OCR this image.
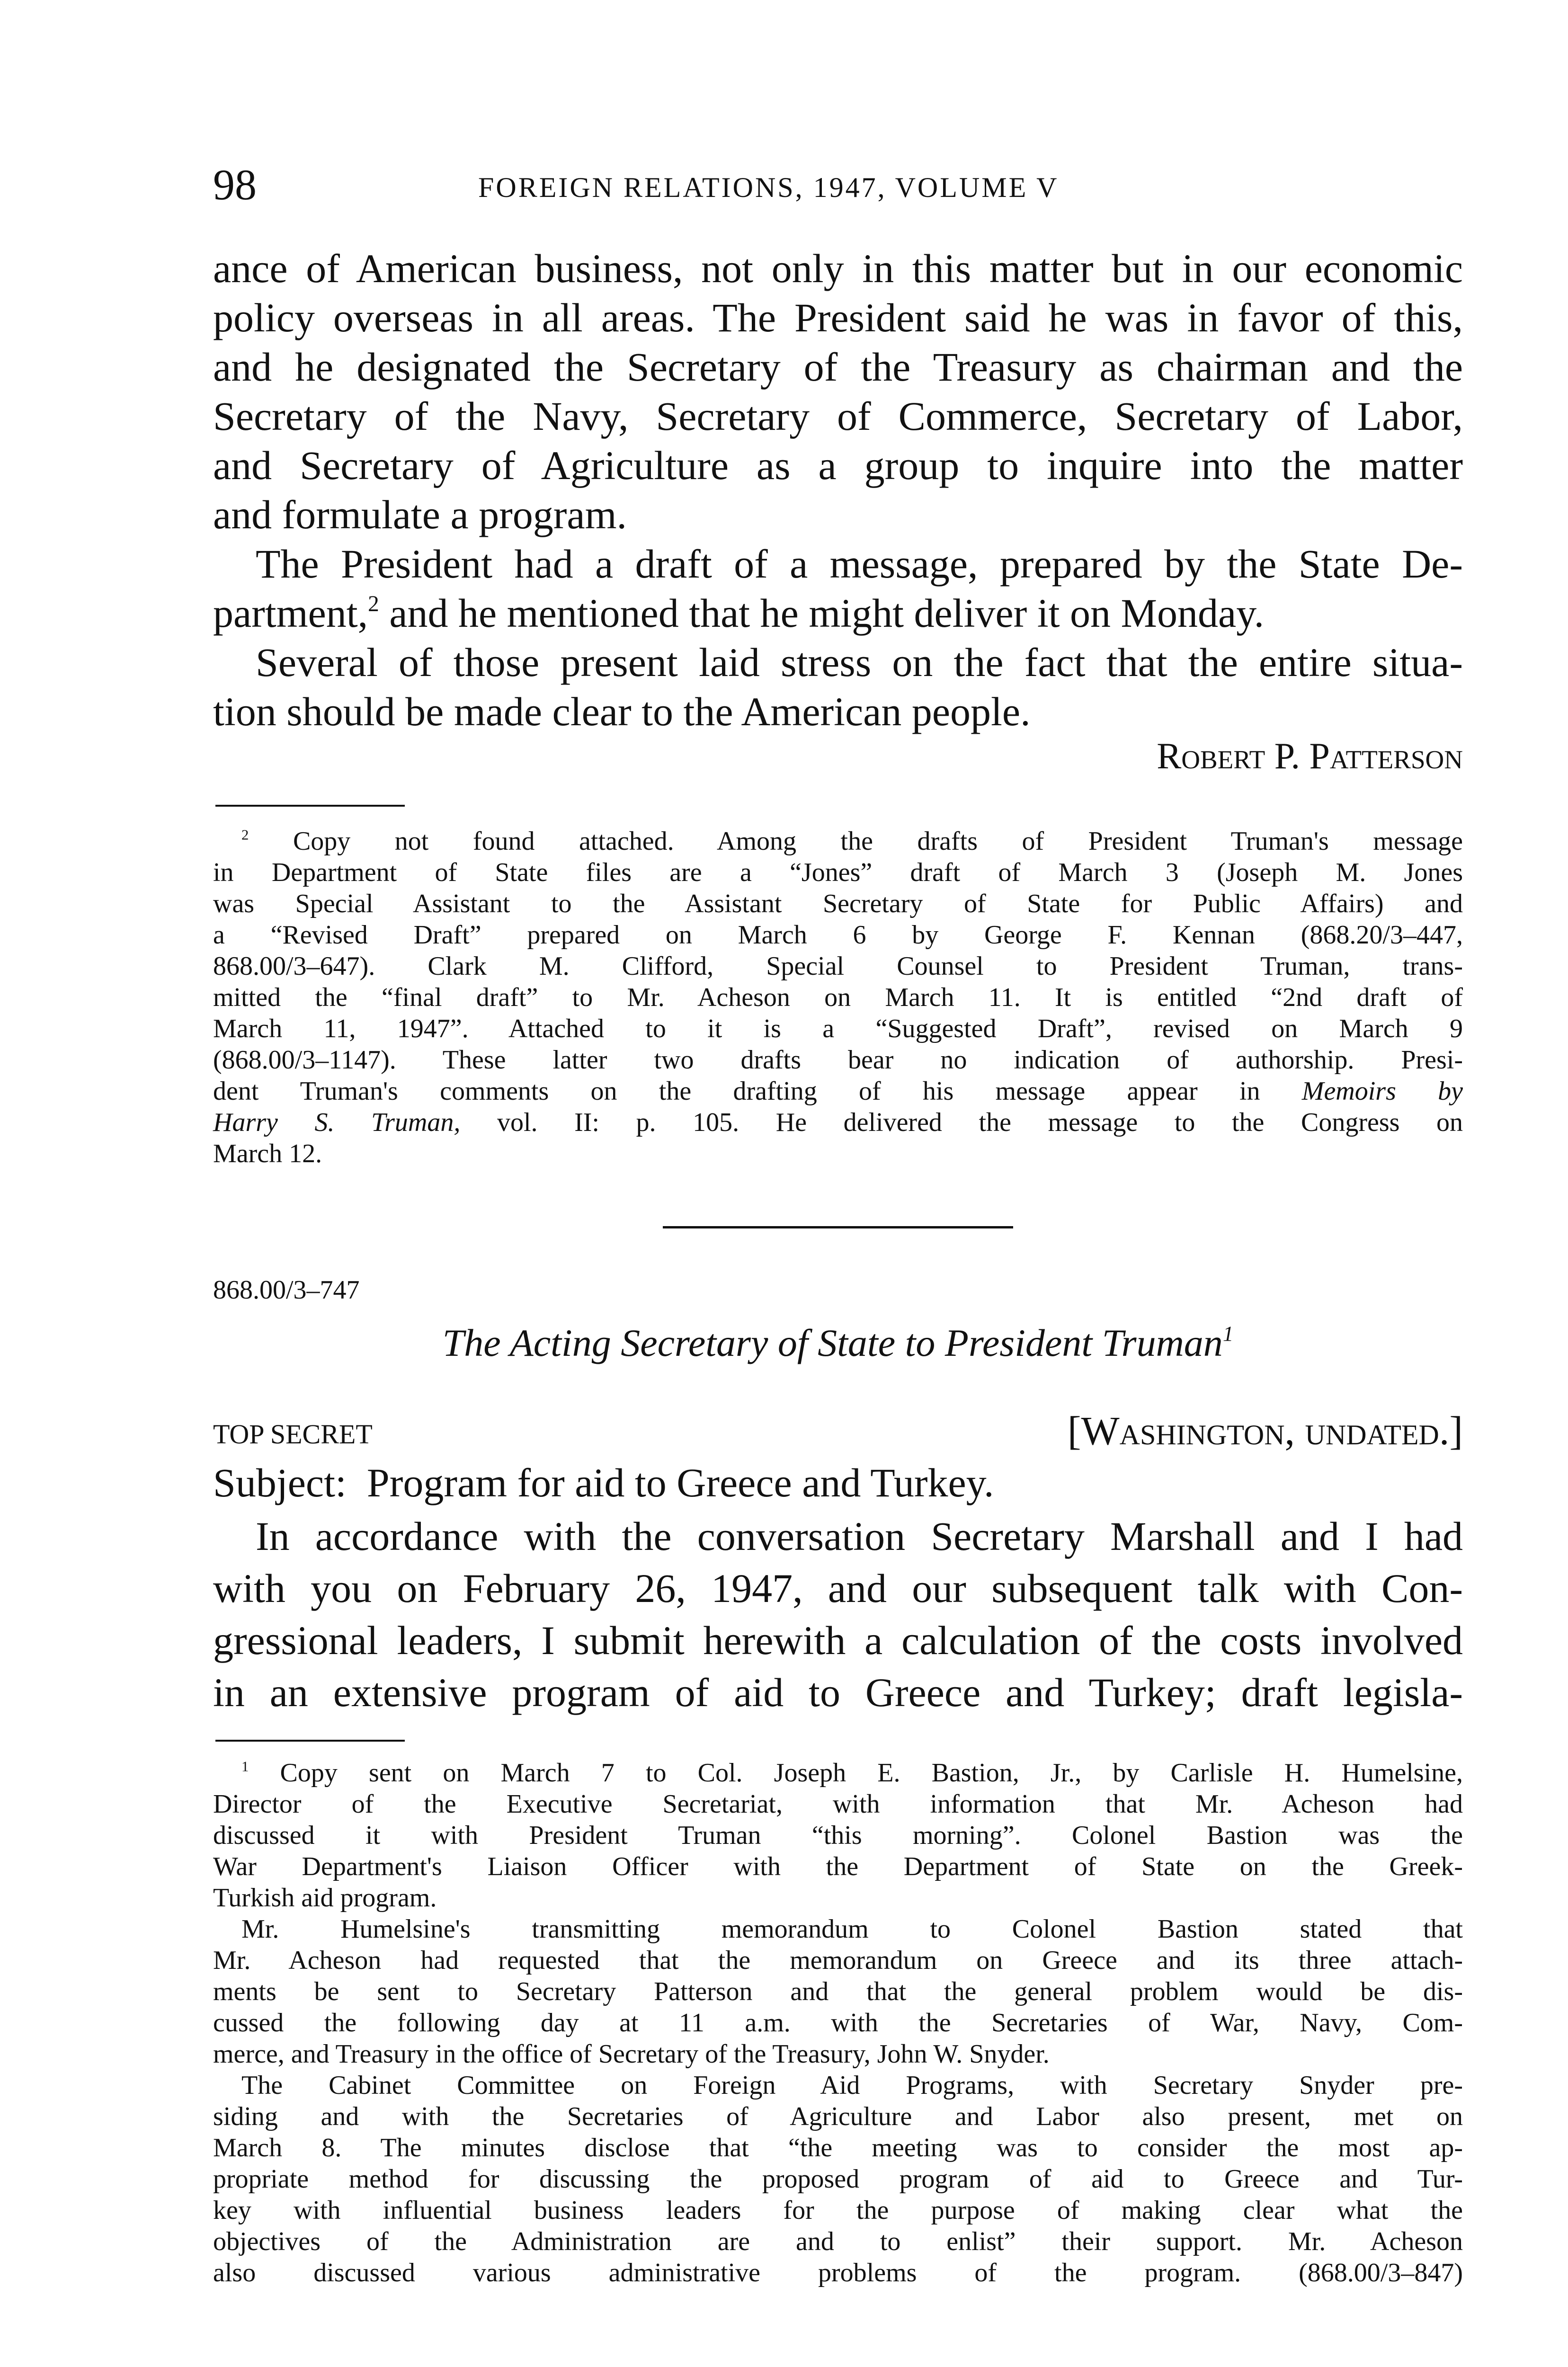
98	FOREIGN RELATIONS, 1947, VOLUME V
ance of American business, not only in this matter but in our economic
policy overseas in all areas. The President said he was in favor of this,
and he designated the Secretary of the Treasury as chairman and the
Secretary of the Navy, Secretary of Commerce, Secretary of Labor,
and Secretary of Agriculture as a group to inquire into the matter
and formulate a program.
The President had a draft of a message, prepared by the State De-
partment,$^2$ and he mentioned that he might deliver it on Monday.
Several of those present laid stress on the fact that the entire situa-
tion should be made clear to the American people.
Robert P. Patterson
$^2$ Copy not found attached. Among the drafts of President Truman's message
in Department of State files are a “Jones” draft of March 3 (Joseph M. Jones
was Special Assistant to the Assistant Secretary of State for Public Affairs) and
a “Revised Draft” prepared on March 6 by George F. Kennan (868.20/3–447,
868.00/3–647). Clark M. Clifford, Special Counsel to President Truman, trans-
mitted the “final draft” to Mr. Acheson on March 11. It is entitled “2nd draft of
March 11, 1947”. Attached to it is a “Suggested Draft”, revised on March 9
(868.00/3–1147). These latter two drafts bear no indication of authorship. Presi-
dent Truman's comments on the drafting of his message appear in Memoirs by
Harry S. Truman, vol. II: p. 105. He delivered the message to the Congress on
March 12.
868.00/3–747
The Acting Secretary of State to President Truman$^1$
TOP SECRET	[Washington, undated.]
Subject: Program for aid to Greece and Turkey.
In accordance with the conversation Secretary Marshall and I had
with you on February 26, 1947, and our subsequent talk with Con-
gressional leaders, I submit herewith a calculation of the costs involved
in an extensive program of aid to Greece and Turkey; draft legisla-
$^1$ Copy sent on March 7 to Col. Joseph E. Bastion, Jr., by Carlisle H. Humelsine,
Director of the Executive Secretariat, with information that Mr. Acheson had
discussed it with President Truman “this morning”. Colonel Bastion was the
War Department's Liaison Officer with the Department of State on the Greek-
Turkish aid program.
Mr. Humelsine's transmitting memorandum to Colonel Bastion stated that
Mr. Acheson had requested that the memorandum on Greece and its three attach-
ments be sent to Secretary Patterson and that the general problem would be dis-
cussed the following day at 11 a.m. with the Secretaries of War, Navy, Com-
merce, and Treasury in the office of Secretary of the Treasury, John W. Snyder.
The Cabinet Committee on Foreign Aid Programs, with Secretary Snyder pre-
siding and with the Secretaries of Agriculture and Labor also present, met on
March 8. The minutes disclose that “the meeting was to consider the most ap-
propriate method for discussing the proposed program of aid to Greece and Tur-
key with influential business leaders for the purpose of making clear what the
objectives of the Administration are and to enlist” their support. Mr. Acheson
also discussed various administrative problems of the program. (868.00/3–847)
